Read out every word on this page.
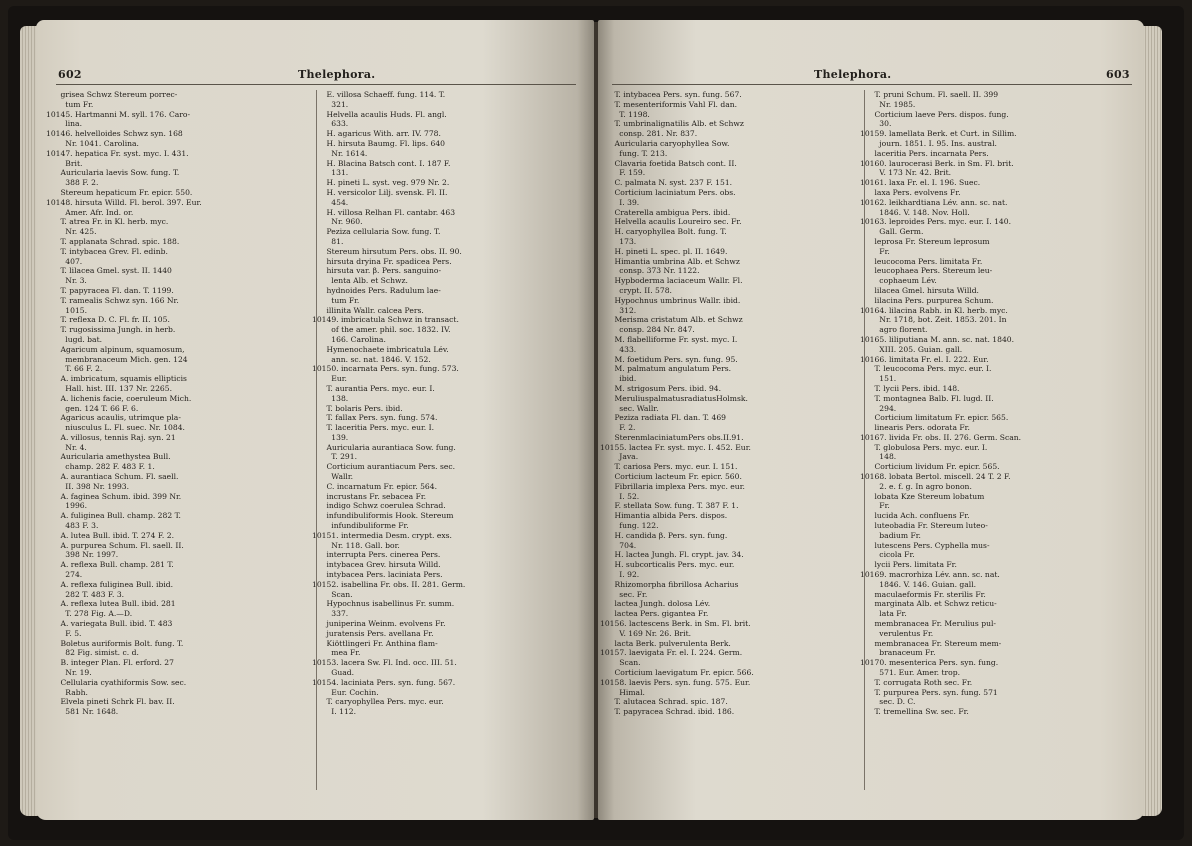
602	Thelephora.
grisea Schwz Stereum porrec-
tum Fr.
10145. Hartmanni M. syll. 176. Caro-
lina.
10146. helvelloides Schwz syn. 168
Nr. 1041. Carolina.
10147. hepatica Fr. syst. myc. I. 431.
Brit.
Auricularia laevis Sow. fung. T.
388 F. 2.
Stereum hepaticum Fr. epicr. 550.
10148. hirsuta Willd. Fl. berol. 397. Eur.
Amer. Afr. Ind. or.
T. atrea Fr. in Kl. herb. myc.
Nr. 425.
T. applanata Schrad. spic. 188.
T. intybacea Grev. Fl. edinb.
407.
T. lilacea Gmel. syst. II. 1440
Nr. 3.
T. papyracea Fl. dan. T. 1199.
T. ramealis Schwz syn. 166 Nr.
1015.
T. reflexa D. C. Fl. fr. II. 105.
T. rugosissima Jungh. in herb.
lugd. bat.
Agaricum alpinum, squamosum,
membranaceum Mich. gen. 124
T. 66 F. 2.
A. imbricatum, squamis ellipticis
Hall. hist. III. 137 Nr. 2265.
A. lichenis facie, coeruleum Mich.
gen. 124 T. 66 F. 6.
Agaricus acaulis, utrimque pla-
niusculus L. Fl. suec. Nr. 1084.
A. villosus, tennis Raj. syn. 21
Nr. 4.
Auricularia amethystea Bull.
champ. 282 F. 483 F. 1.
A. aurantiaca Schum. Fl. saell.
II. 398 Nr. 1993.
A. faginea Schum. ibid. 399 Nr.
1996.
A. fuliginea Bull. champ. 282 T.
483 F. 3.
A. lutea Bull. ibid. T. 274 F. 2.
A. purpurea Schum. Fl. saell. II.
398 Nr. 1997.
A. reflexa Bull. champ. 281 T.
274.
A. reflexa fuliginea Bull. ibid.
282 T. 483 F. 3.
A. reflexa lutea Bull. ibid. 281
T. 278 Fig. A.—D.
A. variegata Bull. ibid. T. 483
F. 5.
Boletus auriformis Bolt. fung. T.
82 Fig. simist. c. d.
B. integer Plan. Fl. erford. 27
Nr. 19.
Cellularia cyathiformis Sow. sec.
Rabh.
Elvela pineti Schrk Fl. bav. II.
581 Nr. 1648.
E. villosa Schaeff. fung. 114. T.
321.
Helvella acaulis Huds. Fl. angl.
633.
H. agaricus With. arr. IV. 778.
H. hirsuta Baumg. Fl. lips. 640
Nr. 1614.
H. Blacina Batsch cont. I. 187 F.
131.
H. pineti L. syst. veg. 979 Nr. 2.
H. versicolor Lilj. svensk. Fl. II.
454.
H. villosa Relhan Fl. cantabr. 463
Nr. 960.
Peziza cellularia Sow. fung. T.
81.
Stereum hirsutum Pers. obs. II. 90.
hirsuta dryina Fr. spadicea Pers.
hirsuta var. β. Pers. sanguino-
lenta Alb. et Schwz.
hydnoides Pers. Radulum lae-
tum Fr.
illinita Wallr. calcea Pers.
10149. imbricatula Schwz in transact.
of the amer. phil. soc. 1832. IV.
166. Carolina.
Hymenochaete imbricatula Lév.
ann. sc. nat. 1846. V. 152.
10150. incarnata Pers. syn. fung. 573.
Eur.
T. aurantia Pers. myc. eur. I.
138.
T. bolaris Pers. ibid.
T. fallax Pers. syn. fung. 574.
T. laceritia Pers. myc. eur. I.
139.
Auricularia aurantiaca Sow. fung.
T. 291.
Corticium aurantiacum Pers. sec.
Wallr.
C. incarnatum Fr. epicr. 564.
incrustans Fr. sebacea Fr.
indigo Schwz coerulea Schrad.
infundibuliformis Hook. Stereum
infundibuliforme Fr.
10151. intermedia Desm. crypt. exs.
Nr. 118. Gall. bor.
interrupta Pers. cinerea Pers.
intybacea Grev. hirsuta Willd.
intybacea Pers. laciniata Pers.
10152. isabellina Fr. obs. II. 281. Germ.
Scan.
Hypochnus isabellinus Fr. summ.
337.
juniperina Weinm. evolvens Fr.
juratensis Pers. avellana Fr.
Kiöttlingeri Fr. Anthina flam-
mea Fr.
10153. lacera Sw. Fl. Ind. occ. III. 51.
Guad.
10154. laciniata Pers. syn. fung. 567.
Eur. Cochin.
T. caryophyllea Pers. myc. eur.
I. 112.
Thelephora.	603
T. intybacea Pers. syn. fung. 567.
T. mesenteriformis Vahl Fl. dan.
T. 1198.
T. umbrinalignatilis Alb. et Schwz
consp. 281. Nr. 837.
Auricularia caryophyllea Sow.
fung. T. 213.
Clavaria foetida Batsch cont. II.
F. 159.
C. palmata N. syst. 237 F. 151.
Corticium laciniatum Pers. obs.
I. 39.
Craterella ambigua Pers. ibid.
Helvella acaulis Loureiro sec. Fr.
H. caryophyllea Bolt. fung. T.
173.
H. pineti L. spec. pl. II. 1649.
Himantia umbrina Alb. et Schwz
consp. 373 Nr. 1122.
Hypboderma laciaceum Wallr. Fl.
crypt. II. 578.
Hypochnus umbrinus Wallr. ibid.
312.
Merisma cristatum Alb. et Schwz
consp. 284 Nr. 847.
M. flabelliforme Fr. syst. myc. I.
433.
M. foetidum Pers. syn. fung. 95.
M. palmatum angulatum Pers.
ibid.
M. strigosum Pers. ibid. 94.
MeruliuspalmatusradiatusHolmsk.
sec. Wallr.
Peziza radiata Fl. dan. T. 469
F. 2.
SterenmlaciniatumPers obs.II.91.
10155. lactea Fr. syst. myc. I. 452. Eur.
Java.
T. cariosa Pers. myc. eur. I. 151.
Corticium lacteum Fr. epicr. 560.
Fibrillaria implexa Pers. myc. eur.
I. 52.
F. stellata Sow. fung. T. 387 F. 1.
Himantia albida Pers. dispos.
fung. 122.
H. candida β. Pers. syn. fung.
704.
H. lactea Jungh. Fl. crypt. jav. 34.
H. subcorticalis Pers. myc. eur.
I. 92.
Rhizomorpha fibrillosa Acharius
sec. Fr.
lactea Jungh. dolosa Lév.
lactea Pers. gigantea Fr.
10156. lactescens Berk. in Sm. Fl. brit.
V. 169 Nr. 26. Brit.
lacta Berk. pulverulenta Berk.
10157. laevigata Fr. el. I. 224. Germ.
Scan.
Corticium laevigatum Fr. epicr. 566.
10158. laevis Pers. syn. fung. 575. Eur.
Himal.
T. alutacea Schrad. spic. 187.
T. papyracea Schrad. ibid. 186.
T. pruni Schum. Fl. saell. II. 399
Nr. 1985.
Corticium laeve Pers. dispos. fung.
30.
10159. lamellata Berk. et Curt. in Sillim.
journ. 1851. I. 95. Ins. austral.
laceritia Pers. incarnata Pers.
10160. laurocerasi Berk. in Sm. Fl. brit.
V. 173 Nr. 42. Brit.
10161. laxa Fr. el. I. 196. Suec.
laxa Pers. evolvens Fr.
10162. leikhardtiana Lév. ann. sc. nat.
1846. V. 148. Nov. Holl.
10163. leproides Pers. myc. eur. I. 140.
Gall. Germ.
leprosa Fr. Stereum leprosum
Fr.
leucocoma Pers. limitata Fr.
leucophaea Pers. Stereum leu-
cophaeum Lév.
lilacea Gmel. hirsuta Willd.
lilacina Pers. purpurea Schum.
10164. lilacina Rabh. in Kl. herb. myc.
Nr. 1718, bot. Zeit. 1853. 201. In
agro florent.
10165. liliputiana M. ann. sc. nat. 1840.
XIII. 205. Guian. gall.
10166. limitata Fr. el. I. 222. Eur.
T. leucocoma Pers. myc. eur. I.
151.
T. lycii Pers. ibid. 148.
T. montagnea Balb. Fl. lugd. II.
294.
Corticium limitatum Fr. epicr. 565.
linearis Pers. odorata Fr.
10167. livida Fr. obs. II. 276. Germ. Scan.
T. globulosa Pers. myc. eur. I.
148.
Corticium lividum Fr. epicr. 565.
10168. lobata Bertol. miscell. 24 T. 2 F.
2. e. f. g. In agro bonon.
lobata Kze Stereum lobatum
Fr.
lucida Ach. confluens Fr.
luteobadia Fr. Stereum luteo-
badium Fr.
lutescens Pers. Cyphella mus-
cicola Fr.
lycii Pers. limitata Fr.
10169. macrorhiza Lév. ann. sc. nat.
1846. V. 146. Guian. gall.
maculaeformis Fr. sterilis Fr.
marginata Alb. et Schwz reticu-
lata Fr.
membranacea Fr. Merulius pul-
verulentus Fr.
membranacea Fr. Stereum mem-
branaceum Fr.
10170. mesenterica Pers. syn. fung.
571. Eur. Amer. trop.
T. corrugata Roth sec. Fr.
T. purpurea Pers. syn. fung. 571
sec. D. C.
T. tremellina Sw. sec. Fr.
